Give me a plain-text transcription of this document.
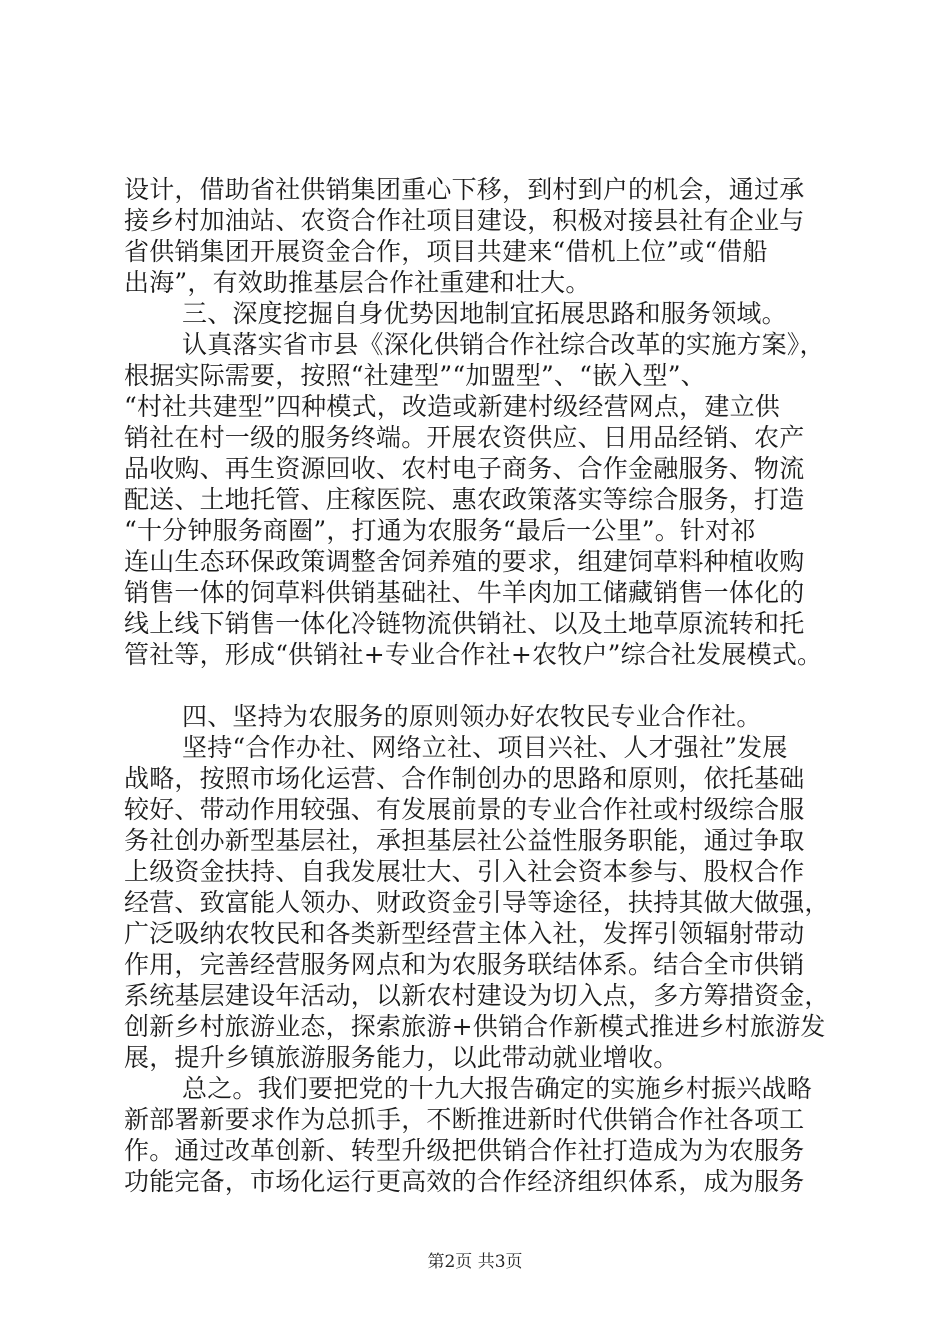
设计，借助省社供销集团重心下移，到村到户的机会，通过承
接乡村加油站、农资合作社项目建设，积极对接县社有企业与
省供销集团开展资金合作，项目共建来“借机上位”或“借船
出海”，有效助推基层合作社重建和壮大。
三、深度挖掘自身优势因地制宜拓展思路和服务领域。
认真落实省市县《深化供销合作社综合改革的实施方案》，
根据实际需要，按照“社建型”“加盟型”、“嵌入型”、
“村社共建型”四种模式，改造或新建村级经营网点，建立供
销社在村一级的服务终端。开展农资供应、日用品经销、农产
品收购、再生资源回收、农村电子商务、合作金融服务、物流
配送、土地托管、庄稼医院、惠农政策落实等综合服务，打造
“十分钟服务商圈”，打通为农服务“最后一公里”。针对祁
连山生态环保政策调整舍饲养殖的要求，组建饲草料种植收购
销售一体的饲草料供销基础社、牛羊肉加工储藏销售一体化的
线上线下销售一体化冷链物流供销社、以及土地草原流转和托
管社等，形成“供销社+专业合作社+农牧户”综合社发展模式。
四、坚持为农服务的原则领办好农牧民专业合作社。
坚持“合作办社、网络立社、项目兴社、人才强社”发展
战略，按照市场化运营、合作制创办的思路和原则，依托基础
较好、带动作用较强、有发展前景的专业合作社或村级综合服
务社创办新型基层社，承担基层社公益性服务职能，通过争取
上级资金扶持、自我发展壮大、引入社会资本参与、股权合作
经营、致富能人领办、财政资金引导等途径，扶持其做大做强，
广泛吸纳农牧民和各类新型经营主体入社，发挥引领辐射带动
作用，完善经营服务网点和为农服务联结体系。结合全市供销
系统基层建设年活动，以新农村建设为切入点，多方筹措资金，
创新乡村旅游业态，探索旅游+供销合作新模式推进乡村旅游发
展，提升乡镇旅游服务能力，以此带动就业增收。
总之。我们要把党的十九大报告确定的实施乡村振兴战略
新部署新要求作为总抓手，不断推进新时代供销合作社各项工
作。通过改革创新、转型升级把供销合作社打造成为为农服务
功能完备，市场化运行更高效的合作经济组织体系，成为服务
第2页 共3页
